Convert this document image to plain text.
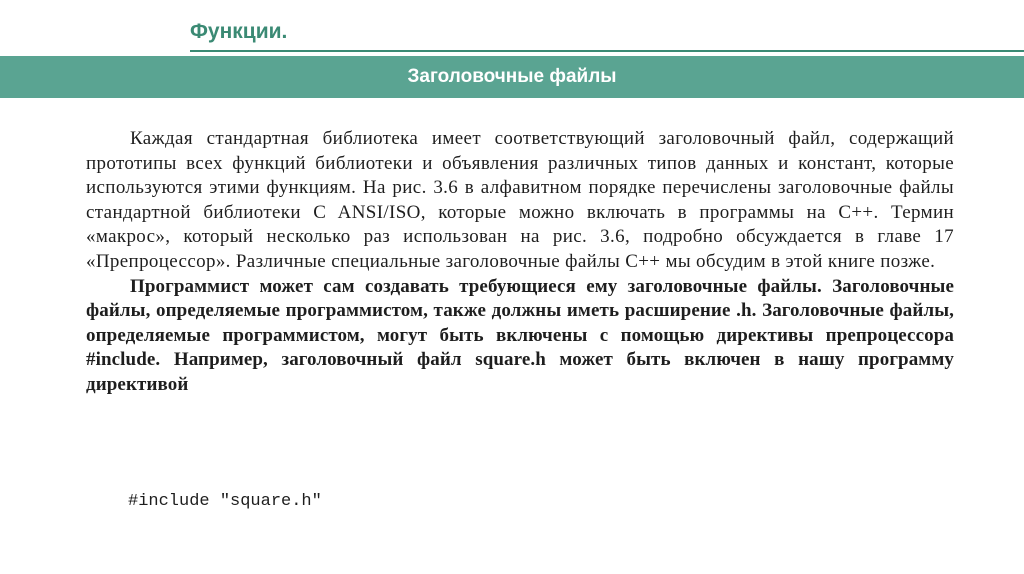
Функции.
Заголовочные файлы

Каждая стандартная библиотека имеет соответствующий заголовочный файл, содержащий прототипы всех функций библиотеки и объявления различных типов данных и констант, которые используются этими функциям. На рис. 3.6 в алфавитном порядке перечислены заголовочные файлы стандартной библиотеки C ANSI/ISO, которые можно включать в программы на C++. Термин «макрос», который несколько раз использован на рис. 3.6, подробно обсуждается в главе 17 «Препроцессор». Различные специальные заголовочные файлы C++ мы обсудим в этой книге позже.

Программист может сам создавать требующиеся ему заголовочные файлы. Заголовочные файлы, определяемые программистом, также должны иметь расширение .h. Заголовочные файлы, определяемые программистом, могут быть включены с помощью директивы препроцессора #include. Например, заголовочный файл square.h может быть включен в нашу программу директивой

#include "square.h"
